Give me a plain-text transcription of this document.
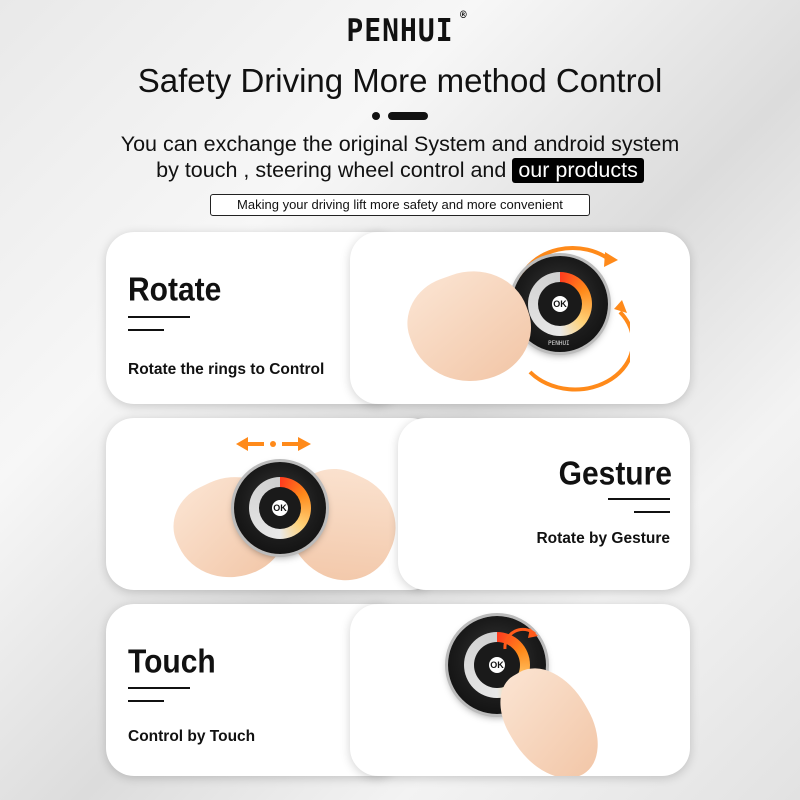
PENHUI ®
Safety Driving More method Control
You can exchange the original System and android system
by touch , steering wheel control and our products
Making your driving lift more safety and more convenient
Rotate
Rotate the rings to Control
OK
PENHUI
OK
Gesture
Rotate by Gesture
Touch
Control by Touch
OK
